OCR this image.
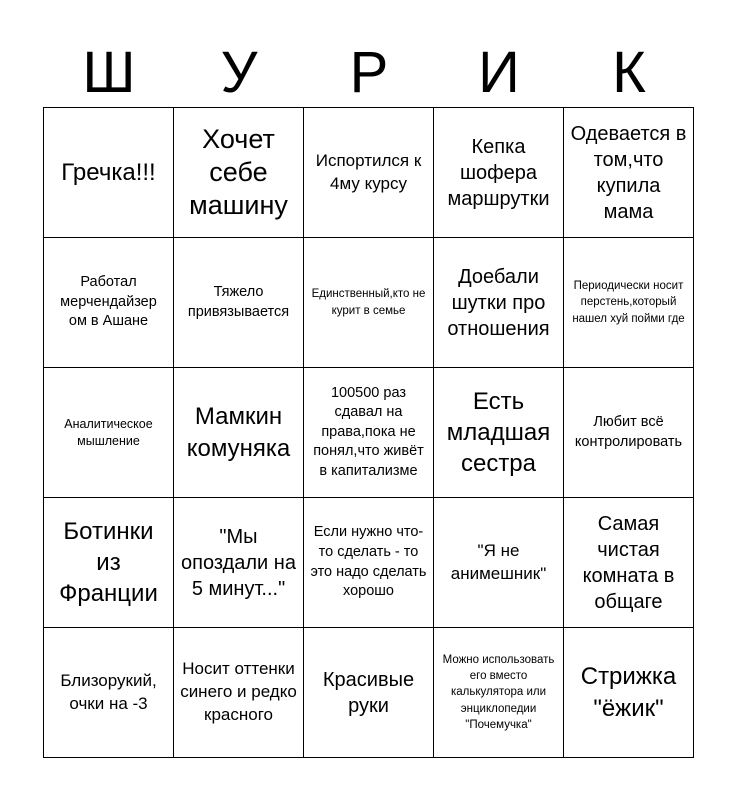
Ш	У	Р	И	К
Гречка!!!
Хочет себе машину
Испортился к 4му курсу
Кепка шофера маршрутки
Одевается в том,что купила мама
Работал мерчендайзер ом в Ашане
Тяжело привязывается
Единственный,кто не курит в семье
Доебали шутки про отношения
Периодически носит перстень,который нашел хуй пойми где
Аналитическое мышление
Мамкин комуняка
100500 раз сдавал на права,пока не понял,что живёт в капитализме
Есть младшая сестра
Любит всё контролировать
Ботинки из Франции
"Мы опоздали на 5 минут..."
Если нужно что-то сделать - то это надо сделать хорошо
"Я не анимешник"
Самая чистая комната в общаге
Близорукий, очки на -3
Носит оттенки синего и редко красного
Красивые руки
Можно использовать его вместо калькулятора или энциклопедии "Почемучка"
Стрижка "ёжик"
